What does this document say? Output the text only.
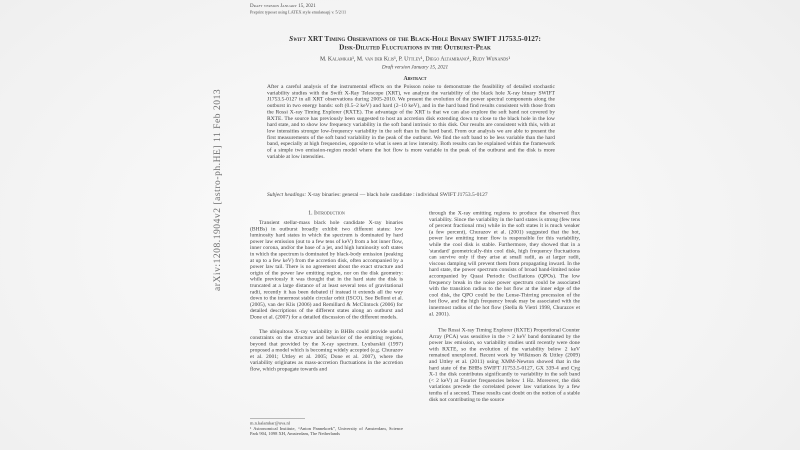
arXiv:1208.1904v2 [astro-ph.HE] 11 Feb 2013
Draft version January 15, 2021
Preprint typeset using LATEX style emulateapj v. 5/2/11
Swift XRT Timing Observations of the Black-Hole Binary SWIFT J1753.5-0127:
Disk-Diluted Fluctuations in the Outburst-Peak
M. Kalamkar¹, M. van der Klis¹, P. Uttley¹, Diego Altamirano¹, Rudy Wijnands¹
Draft version January 15, 2021
Abstract
After a careful analysis of the instrumental effects on the Poisson noise to demonstrate the feasibility of detailed stochastic variability studies with the Swift X-Ray Telescope (XRT), we analyze the variability of the black hole X-ray binary SWIFT J1753.5-0127 in all XRT observations during 2005-2010. We present the evolution of the power spectral components along the outburst in two energy bands: soft (0.5–2 keV) and hard (2–10 keV), and in the hard band find results consistent with those from the Rossi X-ray Timing Explorer (RXTE). The advantage of the XRT is that we can also explore the soft band not covered by RXTE. The source has previously been suggested to host an accretion disk extending down to close to the black hole in the low hard state, and to show low frequency variability in the soft band intrinsic to this disk. Our results are consistent with this, with at low intensities stronger low-frequency variability in the soft than in the hard band. From our analysis we are able to present the first measurements of the soft band variability in the peak of the outburst. We find the soft band to be less variable than the hard band, especially at high frequencies, opposite to what is seen at low intensity. Both results can be explained within the framework of a simple two emission-region model where the hot flow is more variable in the peak of the outburst and the disk is more variable at low intensities.
Subject headings: X-ray binaries: general — black hole candidate : individual SWIFT J1753.5-0127
1. Introduction

Transient stellar-mass black hole candidate X-ray binaries (BHBs) in outburst broadly exhibit two different states: low luminosity hard states in which the spectrum is dominated by hard power law emission (out to a few tens of keV) from a hot inner flow, inner corona, and/or the base of a jet, and high luminosity soft states in which the spectrum is dominated by black-body emission (peaking at up to a few keV) from the accretion disk, often accompanied by a power law tail. There is no agreement about the exact structure and origin of the power law emitting region, nor on the disk geometry: while previously it was thought that in the hard state the disk is truncated at a large distance of at least several tens of gravitational radii, recently it has been debated if instead it extends all the way down to the innermost stable circular orbit (ISCO). See Belloni et al. (2005), van der Klis (2006) and Remillard & McClintock (2006) for detailed descriptions of the different states along an outburst and Done et al. (2007) for a detailed discussion of the different models.

The ubiquitous X-ray variability in BHBs could provide useful constraints on the structure and behavior of the emitting regions, beyond that provided by the X-ray spectrum. Lyubarskii (1997) proposed a model which is becoming widely accepted (e.g. Churazov et al. 2001; Uttley et al. 2005; Done et al. 2007), where the variability originates as mass-accretion fluctuations in the accretion flow, which propagate towards and

through the X-ray emitting regions to produce the observed flux variability. Since the variability in the hard states is strong (few tens of percent fractional rms) while in the soft states it is much weaker (a few percent), Churazov et al. (2001) suggested that the hot, power law emitting inner flow is responsible for this variability, while the cool disk is stable. Furthermore, they showed that in a 'standard' geometrically-thin cool disk, high frequency fluctuations can survive only if they arise at small radii, as at larger radii, viscous damping will prevent them from propagating inward. In the hard state, the power spectrum consists of broad band-limited noise accompanied by Quasi Periodic Oscillations (QPOs). The low frequency break in the noise power spectrum could be associated with the transition radius to the hot flow at the inner edge of the cool disk, the QPO could be the Lense-Thirring precession of the hot flow, and the high frequency break may be associated with the innermost radius of the hot flow (Stella & Vietri 1998, Churazov et al. 2001).

The Rossi X-ray Timing Explorer (RXTE) Proportional Counter Array (PCA) was sensitive in the > 2 keV band dominated by the power law emission, so variability studies until recently were done with RXTE, so the evolution of the variability below 2 keV remained unexplored. Recent work by Wilkinson & Uttley (2009) and Uttley et al. (2011) using XMM-Newton showed that in the hard state of the BHBs SWIFT J1753.5-0127, GX 339-4 and Cyg X-1 the disk contributes significantly to variability in the soft band (< 2 keV) at Fourier frequencies below 1 Hz. Moreover, the disk variations precede the correlated power law variations by a few tenths of a second. These results cast doubt on the notion of a stable disk not contributing to the source

m.n.kalamkar@uva.nl

¹ Astronomical Institute, “Anton Pannekoek”, University of Amsterdam, Science Park 904, 1098 XH, Amsterdam, The Netherlands
